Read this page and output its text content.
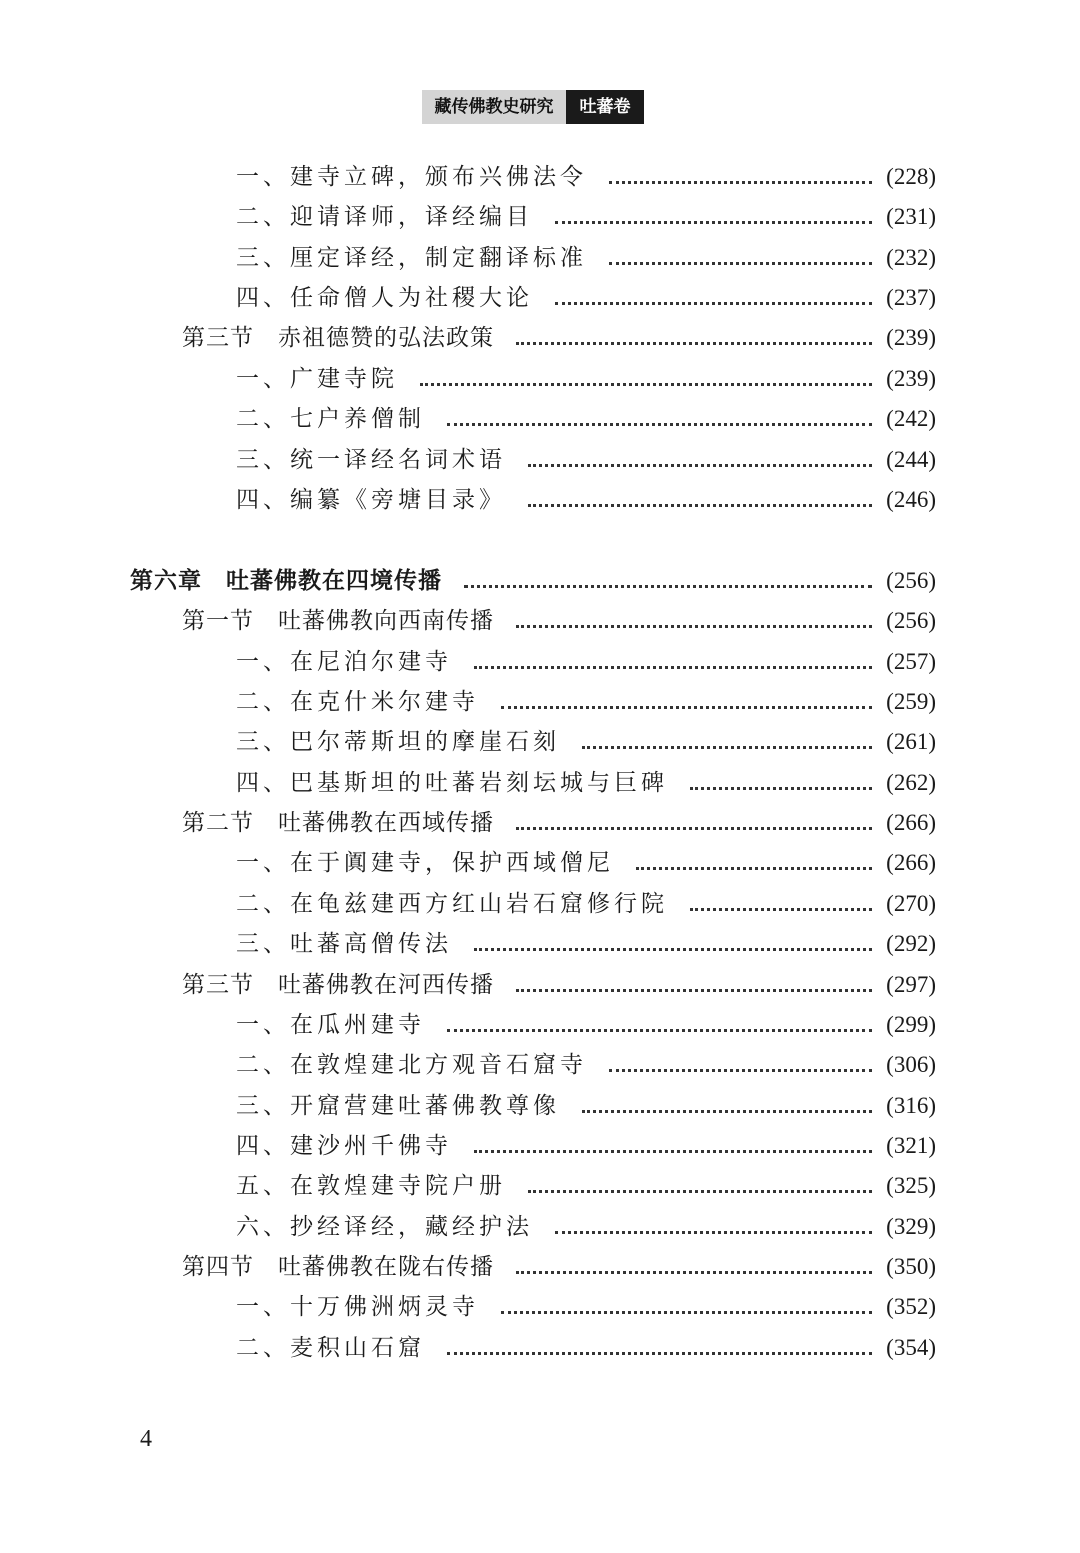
藏传佛教史研究	吐蕃卷
一、建寺立碑，颁布兴佛法令	(228)
二、迎请译师，译经编目	(231)
三、厘定译经，制定翻译标准	(232)
四、任命僧人为社稷大论	(237)
第三节　赤祖德赞的弘法政策	(239)
一、广建寺院	(239)
二、七户养僧制	(242)
三、统一译经名词术语	(244)
四、编纂《旁塘目录》	(246)
第六章　吐蕃佛教在四境传播	(256)
第一节　吐蕃佛教向西南传播	(256)
一、在尼泊尔建寺	(257)
二、在克什米尔建寺	(259)
三、巴尔蒂斯坦的摩崖石刻	(261)
四、巴基斯坦的吐蕃岩刻坛城与巨碑	(262)
第二节　吐蕃佛教在西域传播	(266)
一、在于阗建寺，保护西域僧尼	(266)
二、在龟兹建西方红山岩石窟修行院	(270)
三、吐蕃高僧传法	(292)
第三节　吐蕃佛教在河西传播	(297)
一、在瓜州建寺	(299)
二、在敦煌建北方观音石窟寺	(306)
三、开窟营建吐蕃佛教尊像	(316)
四、建沙州千佛寺	(321)
五、在敦煌建寺院户册	(325)
六、抄经译经，藏经护法	(329)
第四节　吐蕃佛教在陇右传播	(350)
一、十万佛洲炳灵寺	(352)
二、麦积山石窟	(354)
4
